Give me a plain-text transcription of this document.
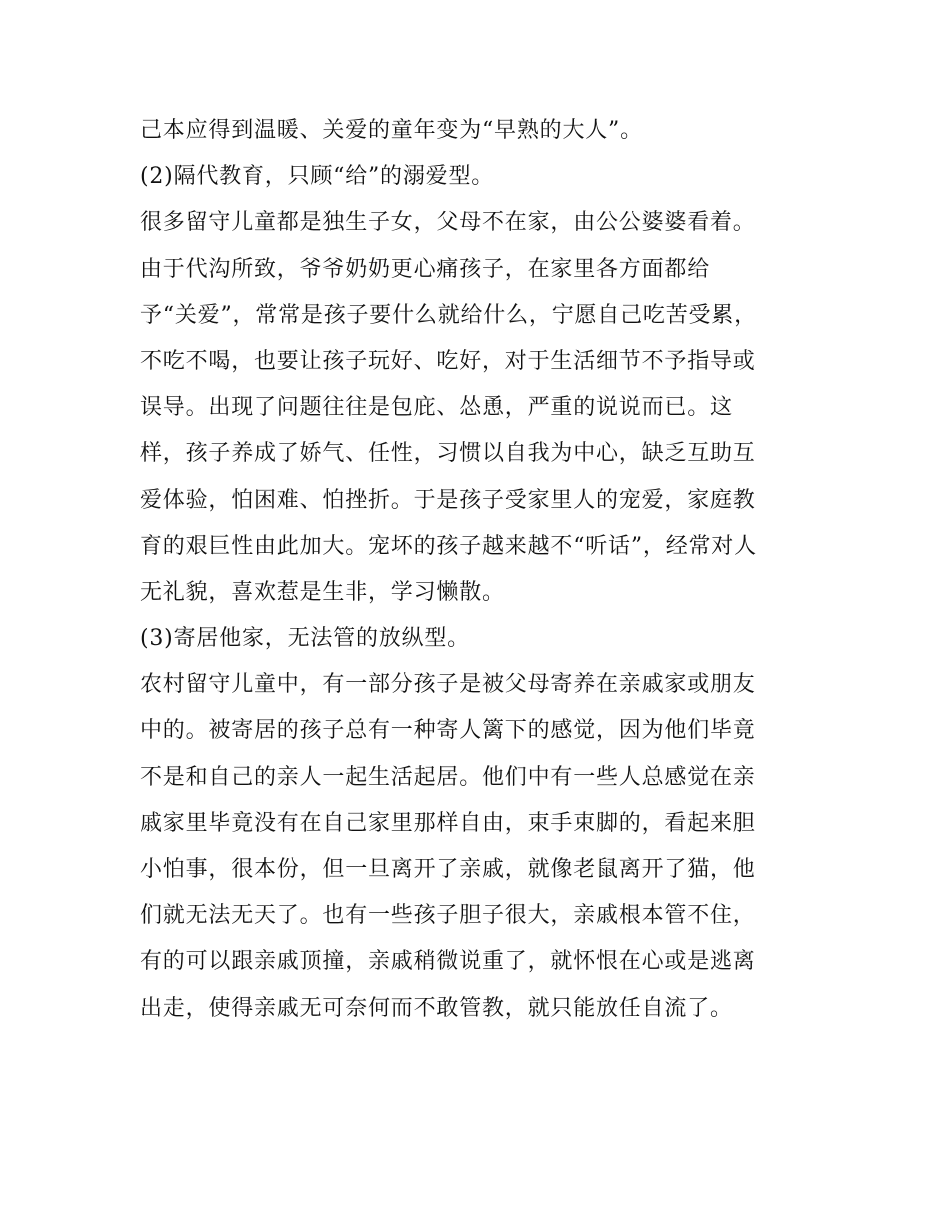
己本应得到温暖、关爱的童年变为“早熟的大人”。
(2)隔代教育，只顾“给”的溺爱型。
很多留守儿童都是独生子女，父母不在家，由公公婆婆看着。
由于代沟所致，爷爷奶奶更心痛孩子，在家里各方面都给
予“关爱”，常常是孩子要什么就给什么，宁愿自己吃苦受累，
不吃不喝，也要让孩子玩好、吃好，对于生活细节不予指导或
误导。出现了问题往往是包庇、怂恿，严重的说说而已。这
样，孩子养成了娇气、任性，习惯以自我为中心，缺乏互助互
爱体验，怕困难、怕挫折。于是孩子受家里人的宠爱，家庭教
育的艰巨性由此加大。宠坏的孩子越来越不“听话”，经常对人
无礼貌，喜欢惹是生非，学习懒散。
(3)寄居他家，无法管的放纵型。
农村留守儿童中，有一部分孩子是被父母寄养在亲戚家或朋友
中的。被寄居的孩子总有一种寄人篱下的感觉，因为他们毕竟
不是和自己的亲人一起生活起居。他们中有一些人总感觉在亲
戚家里毕竟没有在自己家里那样自由，束手束脚的，看起来胆
小怕事，很本份，但一旦离开了亲戚，就像老鼠离开了猫，他
们就无法无天了。也有一些孩子胆子很大，亲戚根本管不住，
有的可以跟亲戚顶撞，亲戚稍微说重了，就怀恨在心或是逃离
出走，使得亲戚无可奈何而不敢管教，就只能放任自流了。
